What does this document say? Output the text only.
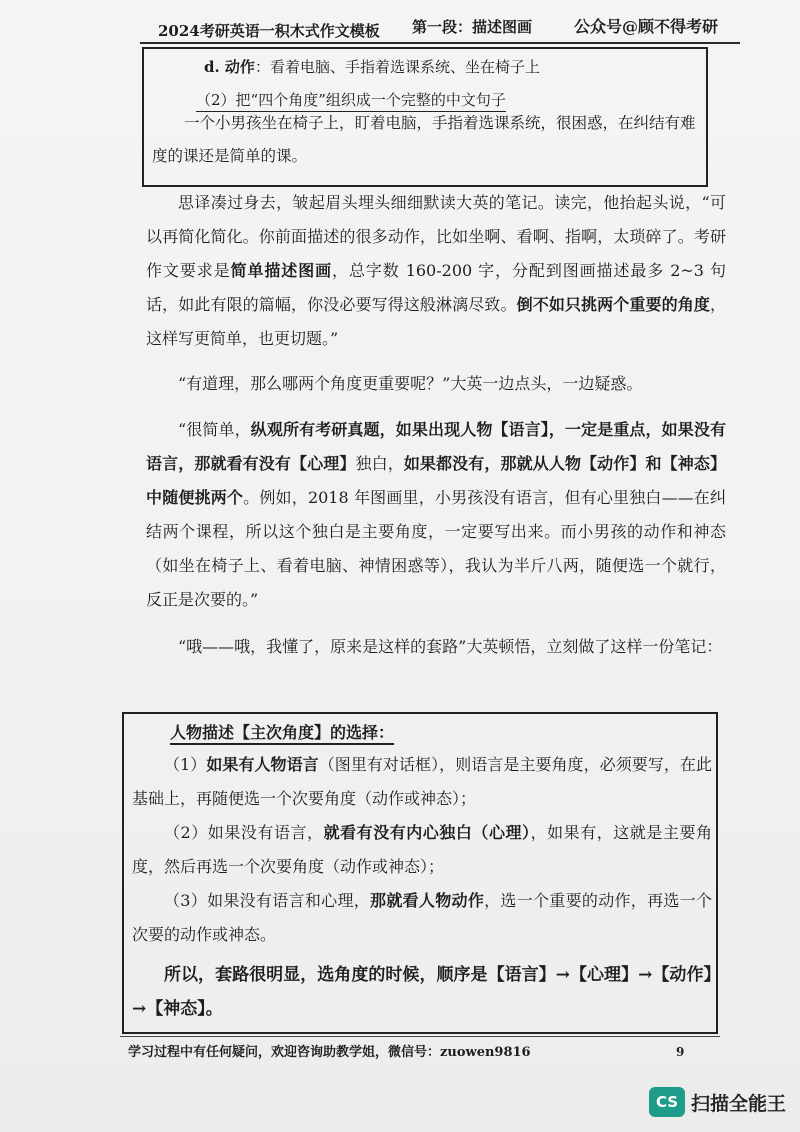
2024考研英语一积木式作文模板 第一段：描述图画	公众号@顾不得考研
d. 动作：看着电脑、手指着选课系统、坐在椅子上
（2）把“四个角度”组织成一个完整的中文句子
一个小男孩坐在椅子上，盯着电脑，手指着选课系统，很困惑，在纠结有难度的课还是简单的课。
思译凑过身去，皱起眉头埋头细细默读大英的笔记。读完，他抬起头说，“可以再简化简化。你前面描述的很多动作，比如坐啊、看啊、指啊，太琐碎了。考研作文要求是简单描述图画，总字数 160-200 字，分配到图画描述最多 2~3 句话，如此有限的篇幅，你没必要写得这般淋漓尽致。倒不如只挑两个重要的角度，这样写更简单，也更切题。”
“有道理，那么哪两个角度更重要呢？”大英一边点头，一边疑惑。
“很简单，纵观所有考研真题，如果出现人物【语言】，一定是重点，如果没有语言，那就看有没有【心理】独白，如果都没有，那就从人物【动作】和【神态】中随便挑两个。例如，2018 年图画里，小男孩没有语言，但有心里独白——在纠结两个课程，所以这个独白是主要角度，一定要写出来。而小男孩的动作和神态（如坐在椅子上、看着电脑、神情困惑等），我认为半斤八两，随便选一个就行，反正是次要的。”
“哦——哦，我懂了，原来是这样的套路”大英顿悟，立刻做了这样一份笔记：
人物描述【主次角度】的选择：

（1）如果有人物语言（图里有对话框），则语言是主要角度，必须要写，在此基础上，再随便选一个次要角度（动作或神态）；

（2）如果没有语言，就看有没有内心独白（心理），如果有，这就是主要角度，然后再选一个次要角度（动作或神态）；

（3）如果没有语言和心理，那就看人物动作，选一个重要的动作，再选一个次要的动作或神态。

所以，套路很明显，选角度的时候，顺序是【语言】→【心理】→【动作】→【神态】。

学习过程中有任何疑问，欢迎咨询助教学姐，微信号：zuowen9816	9
CS 扫描全能王
